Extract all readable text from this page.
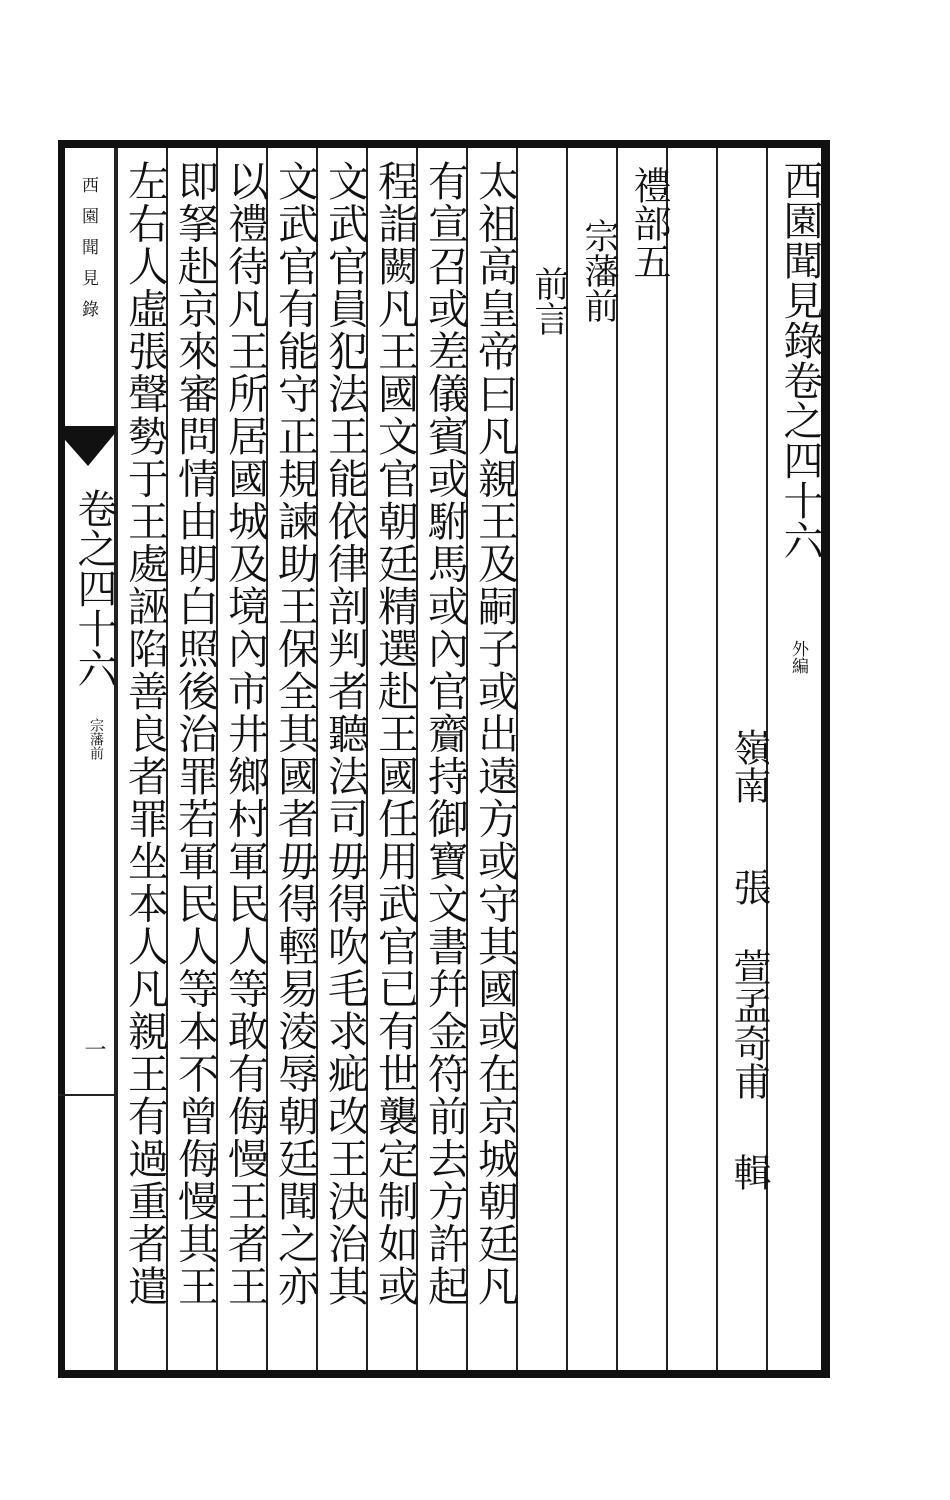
西園聞見錄卷之四十六
外編
嶺南
張
萱孟奇甫
輯
禮部五
宗藩前
前言
太祖高皇帝曰凡親王及嗣子或出遠方或守其國或在京城朝廷凡
有宣召或差儀賓或駙馬或內官齎持御寶文書幷金符前去方許起
程詣闕凡王國文官朝廷精選赴王國任用武官已有世襲定制如或
文武官員犯法王能依律剖判者聽法司毋得吹毛求疵改王決治其
文武官有能守正規諫助王保全其國者毋得輕易淩辱朝廷聞之亦
以禮待凡王所居國城及境內市井鄉村軍民人等敢有侮慢王者王
即拏赴京來審問情由明白照後治罪若軍民人等本不曾侮慢其王
左右人虛張聲勢于王處誣陷善良者罪坐本人凡親王有過重者遣
西園聞見錄
卷之四十六
宗藩前
一
